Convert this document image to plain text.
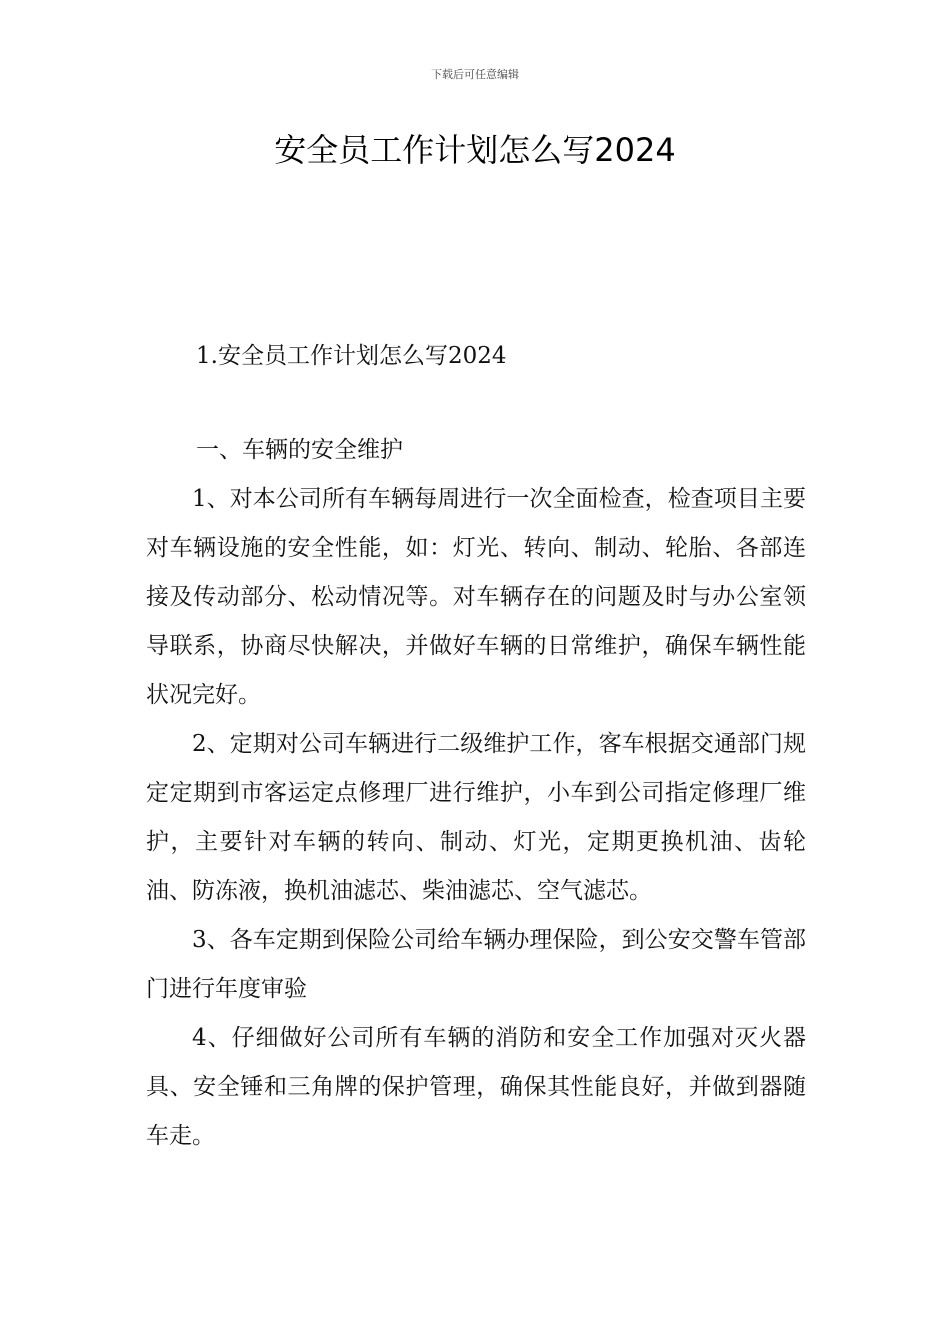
下载后可任意编辑
安全员工作计划怎么写2024
1.安全员工作计划怎么写2024
一、车辆的安全维护

1、对本公司所有车辆每周进行一次全面检查，检查项目主要对车辆设施的安全性能，如：灯光、转向、制动、轮胎、各部连接及传动部分、松动情况等。对车辆存在的问题及时与办公室领导联系，协商尽快解决，并做好车辆的日常维护，确保车辆性能状况完好。

2、定期对公司车辆进行二级维护工作，客车根据交通部门规定定期到市客运定点修理厂进行维护，小车到公司指定修理厂维护，主要针对车辆的转向、制动、灯光，定期更换机油、齿轮油、防冻液，换机油滤芯、柴油滤芯、空气滤芯。

3、各车定期到保险公司给车辆办理保险，到公安交警车管部门进行年度审验

4、仔细做好公司所有车辆的消防和安全工作加强对灭火器具、安全锤和三角牌的保护管理，确保其性能良好，并做到器随车走。
